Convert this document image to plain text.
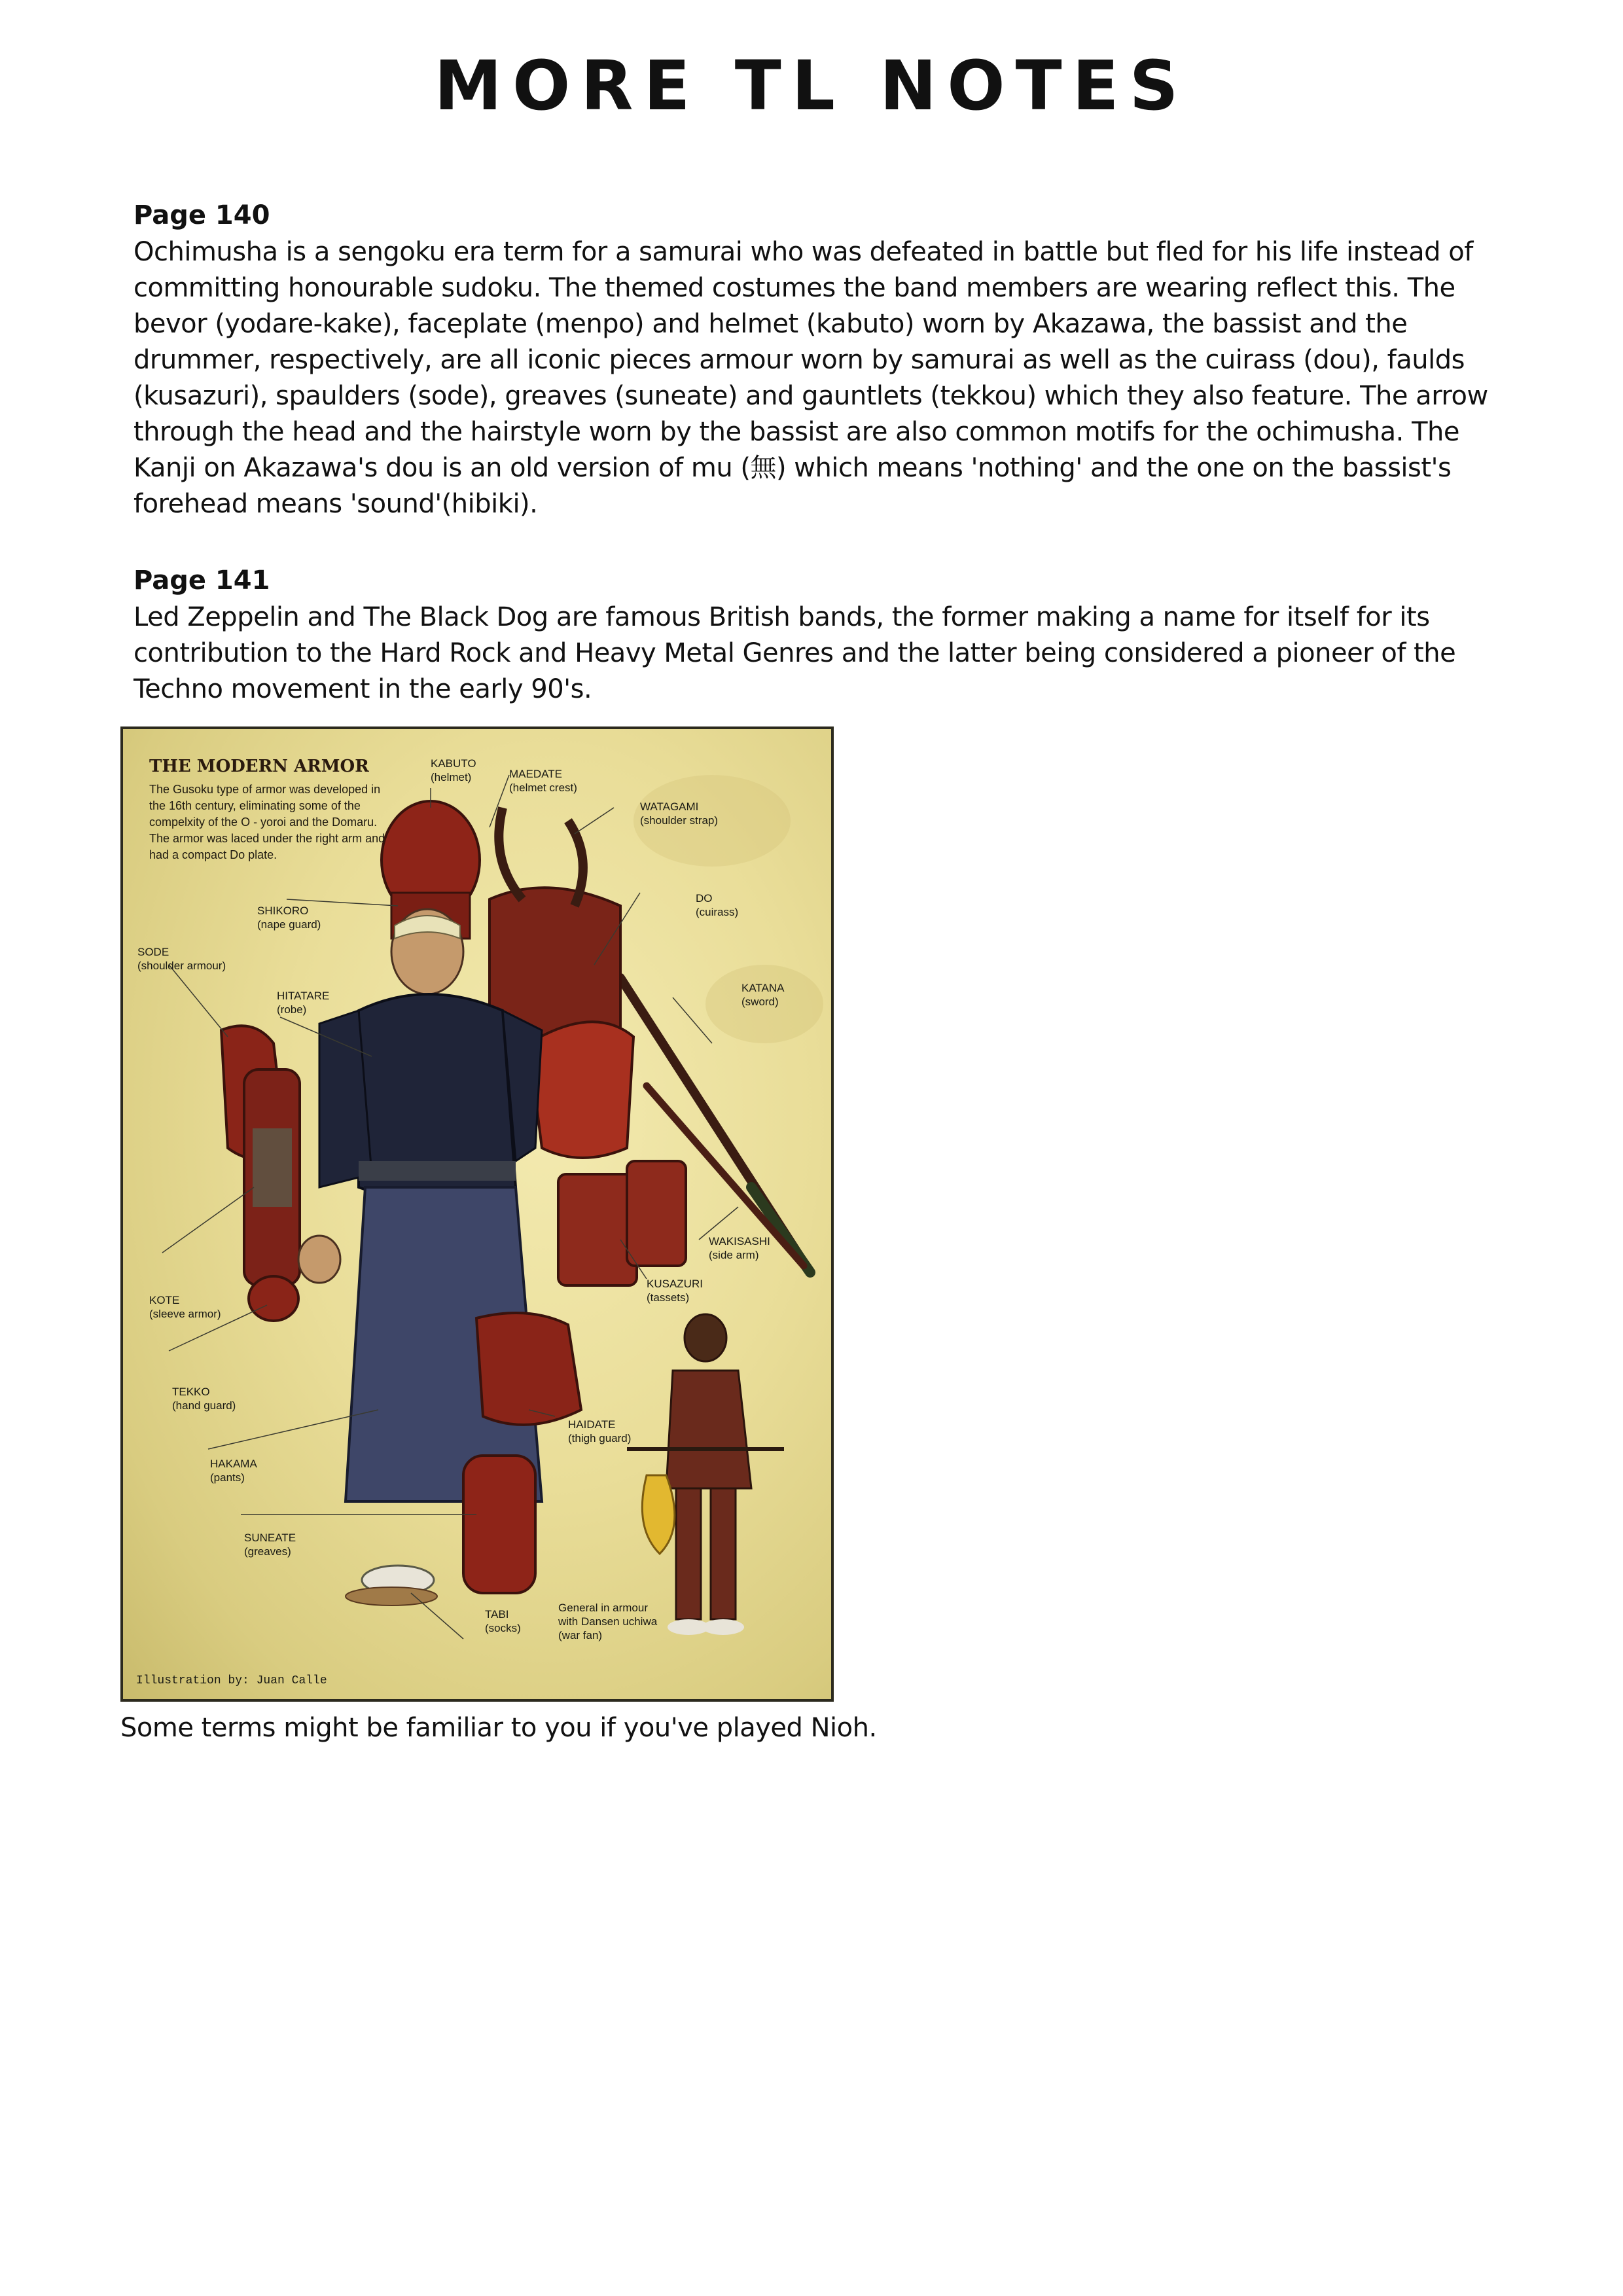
MORE TL NOTES

Page 140

Ochimusha is a sengoku era term for a samurai who was defeated in battle but fled for his life instead of committing honourable sudoku. The themed costumes the band members are wearing reflect this. The bevor (yodare-kake), faceplate (menpo) and helmet (kabuto) worn by Akazawa, the bassist and the drummer, respectively, are all iconic pieces armour worn by samurai as well as the cuirass (dou), faulds (kusazuri), spaulders (sode), greaves (suneate) and gauntlets (tekkou) which they also feature. The arrow through the head and the hairstyle worn by the bassist are also common motifs for the ochimusha. The Kanji on Akazawa's dou is an old version of mu (無) which means 'nothing' and the one on the bassist's forehead means 'sound'(hibiki).

Page 141

Led Zeppelin and The Black Dog are famous British bands, the former making a name for itself for its contribution to the Hard Rock and Heavy Metal Genres and the latter being considered a pioneer of the Techno movement in the early 90's.

THE MODERN ARMOR
The Gusoku type of armor was developed in the 16th century, eliminating some of the compelxity of the O - yoroi and the Domaru. The armor was laced under the right arm and had a compact Do plate.
KABUTO
(helmet)	MAEDATE
(helmet crest)
WATAGAMI
(shoulder strap)
DO
(cuirass)
SHIKORO
(nape guard)
SODE
(shoulder armour)
HITATARE
(robe)
KATANA
(sword)
WAKISASHI
(side arm)
KUSAZURI
(tassets)
KOTE
(sleeve armor)
TEKKO
(hand guard)
HAIDATE
(thigh guard)
HAKAMA
(pants)
SUNEATE
(greaves)
TABI
(socks)
General in armour
with Dansen uchiwa
(war fan)
Illustration by: Juan Calle

Some terms might be familiar to you if you've played Nioh.
